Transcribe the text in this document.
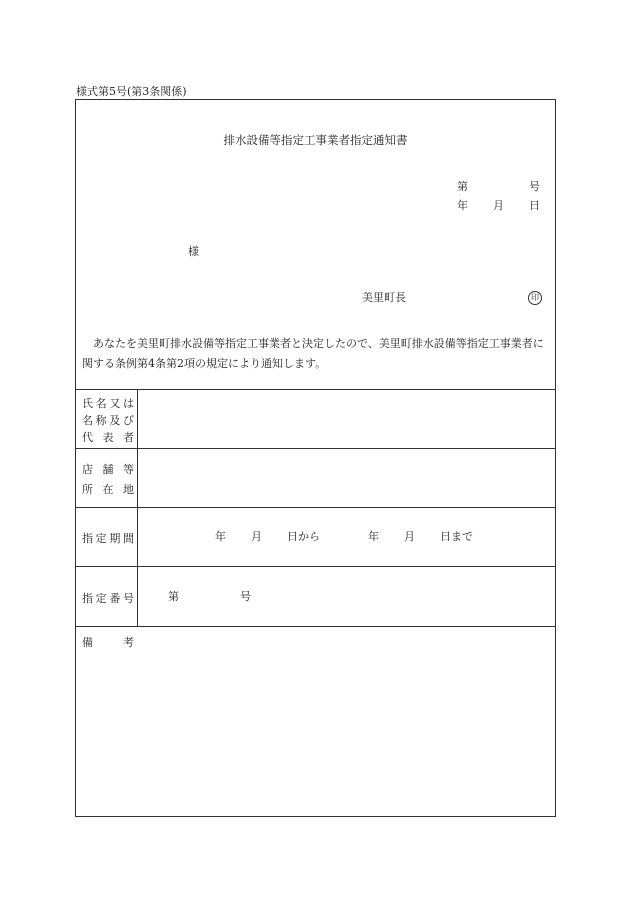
様式第5号(第3条関係)
排水設備等指定工事業者指定通知書
第	号
年 月 日
様
美里町長	印
あなたを美里町排水設備等指定工事業者と決定したので、美里町排水設備等指定工事業者に関する条例第4条第2項の規定により通知します。
氏名又は
名称及び
代 表 者
店 舗 等
所 在 地
指定期間	年 月 日から	年 月 日まで
指定番号	第	号
備　　考
